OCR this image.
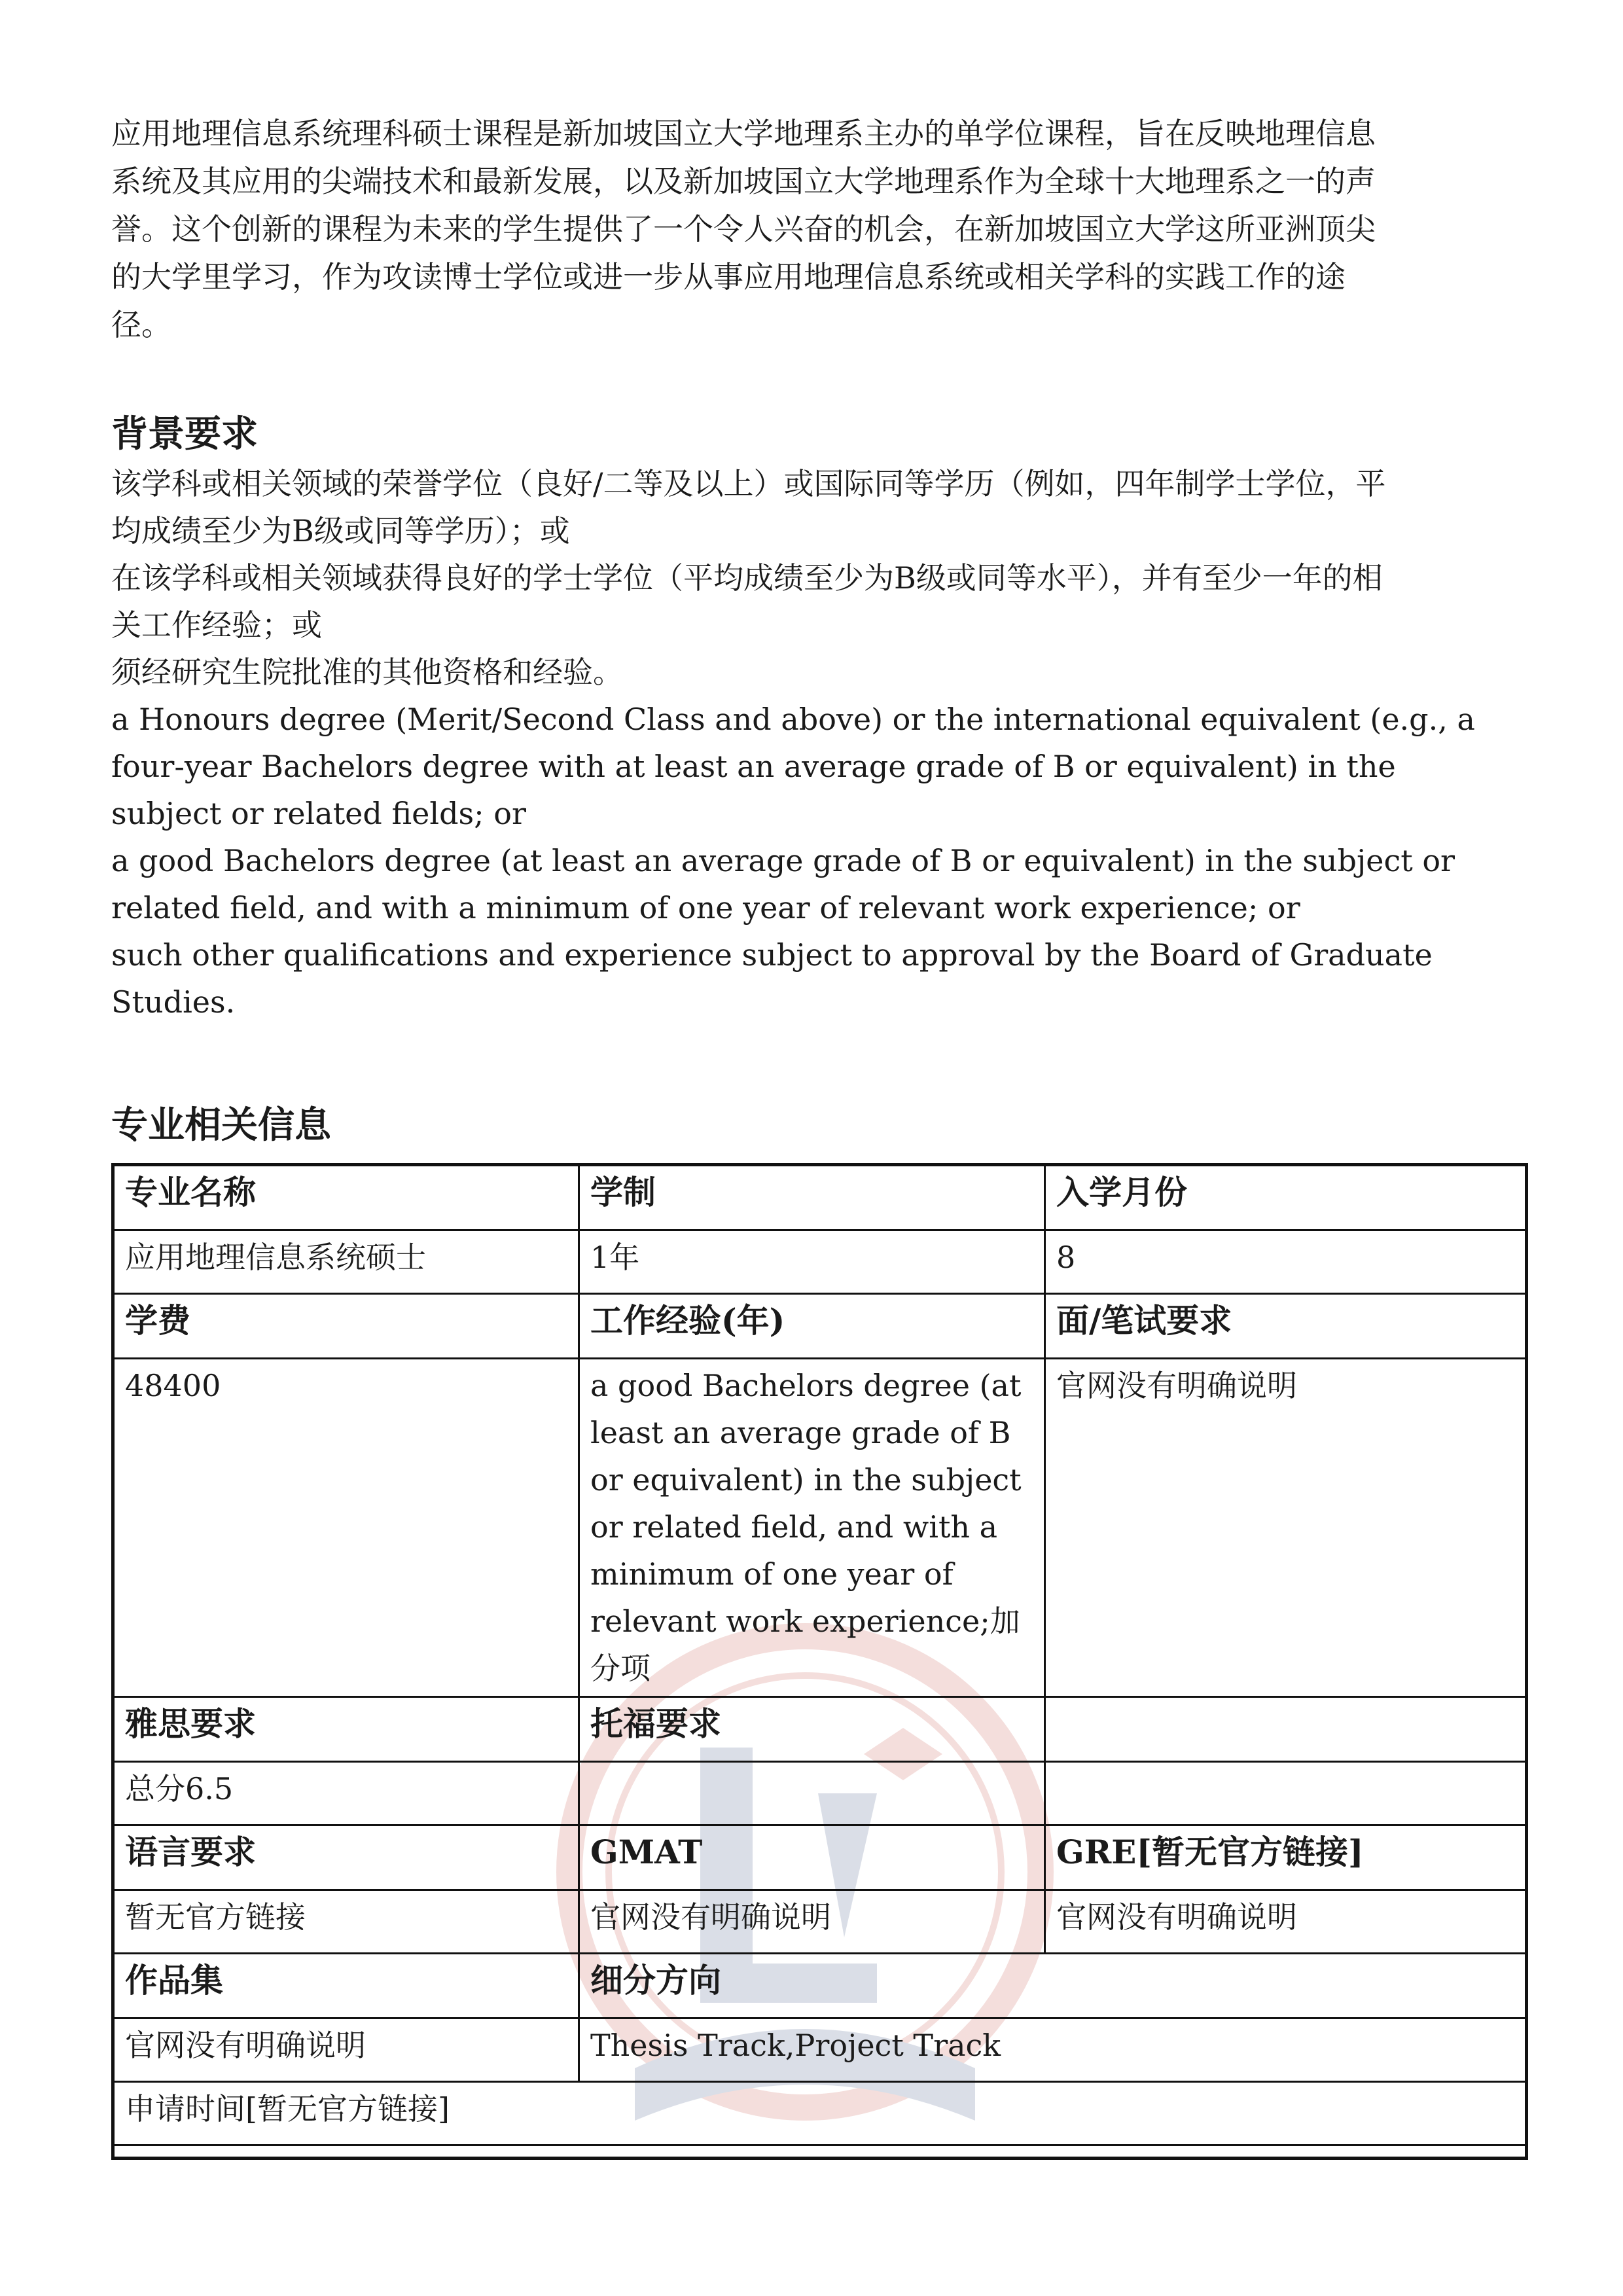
应用地理信息系统理科硕士课程是新加坡国立大学地理系主办的单学位课程，旨在反映地理信息

系统及其应用的尖端技术和最新发展，以及新加坡国立大学地理系作为全球十大地理系之一的声

誉。这个创新的课程为未来的学生提供了一个令人兴奋的机会，在新加坡国立大学这所亚洲顶尖

的大学里学习，作为攻读博士学位或进一步从事应用地理信息系统或相关学科的实践工作的途

径。

背景要求

该学科或相关领域的荣誉学位（良好/二等及以上）或国际同等学历（例如，四年制学士学位，平

均成绩至少为B级或同等学历）；或

在该学科或相关领域获得良好的学士学位（平均成绩至少为B级或同等水平），并有至少一年的相

关工作经验；或

须经研究生院批准的其他资格和经验。

a Honours degree (Merit/Second Class and above) or the international equivalent (e.g., a

four-year Bachelors degree with at least an average grade of B or equivalent) in the

subject or related fields; or

a good Bachelors degree (at least an average grade of B or equivalent) in the subject or

related field, and with a minimum of one year of relevant work experience; or

such other qualifications and experience subject to approval by the Board of Graduate

Studies.

专业相关信息
专业名称	学制	入学月份
应用地理信息系统硕士	1年	8
学费	工作经验(年)	面/笔试要求
48400	a good Bachelors degree (at least an average grade of B or equivalent) in the subject or related field, and with a minimum of one year of relevant work experience;加分项	官网没有明确说明
雅思要求	托福要求	
总分6.5		
语言要求	GMAT	GRE[暂无官方链接]
暂无官方链接	官网没有明确说明	官网没有明确说明
作品集	细分方向	
官网没有明确说明	Thesis Track,Project Track	
申请时间[暂无官方链接]		
